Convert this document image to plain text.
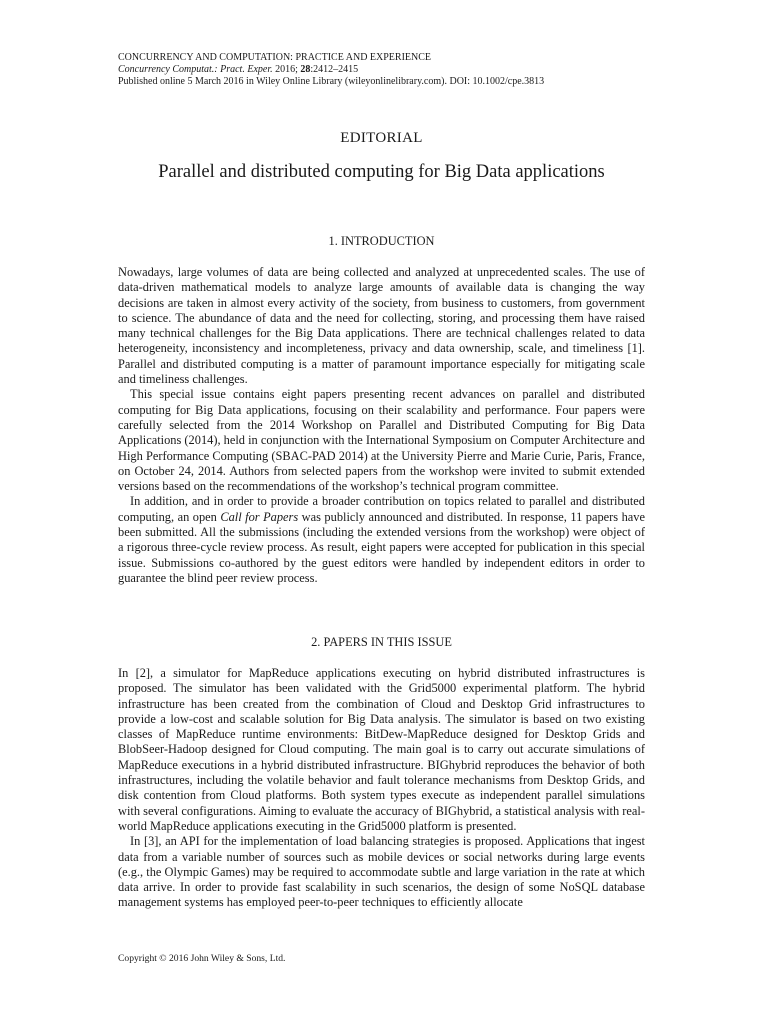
CONCURRENCY AND COMPUTATION: PRACTICE AND EXPERIENCE
Concurrency Computat.: Pract. Exper. 2016; 28:2412–2415
Published online 5 March 2016 in Wiley Online Library (wileyonlinelibrary.com). DOI: 10.1002/cpe.3813
EDITORIAL
Parallel and distributed computing for Big Data applications
1. INTRODUCTION

Nowadays, large volumes of data are being collected and analyzed at unprecedented scales. The use of data-driven mathematical models to analyze large amounts of available data is changing the way decisions are taken in almost every activity of the society, from business to customers, from government to science. The abundance of data and the need for collecting, storing, and processing them have raised many technical challenges for the Big Data applications. There are technical challenges related to data heterogeneity, inconsistency and incompleteness, privacy and data ownership, scale, and timeliness [1]. Parallel and distributed computing is a matter of paramount importance especially for mitigating scale and timeliness challenges.

This special issue contains eight papers presenting recent advances on parallel and distributed computing for Big Data applications, focusing on their scalability and performance. Four papers were carefully selected from the 2014 Workshop on Parallel and Distributed Computing for Big Data Applications (2014), held in conjunction with the International Symposium on Computer Architecture and High Performance Computing (SBAC-PAD 2014) at the University Pierre and Marie Curie, Paris, France, on October 24, 2014. Authors from selected papers from the workshop were invited to submit extended versions based on the recommendations of the workshop’s technical program committee.

In addition, and in order to provide a broader contribution on topics related to parallel and distributed computing, an open Call for Papers was publicly announced and distributed. In response, 11 papers have been submitted. All the submissions (including the extended versions from the workshop) were object of a rigorous three-cycle review process. As result, eight papers were accepted for publication in this special issue. Submissions co-authored by the guest editors were handled by independent editors in order to guarantee the blind peer review process.

2. PAPERS IN THIS ISSUE

In [2], a simulator for MapReduce applications executing on hybrid distributed infrastructures is proposed. The simulator has been validated with the Grid5000 experimental platform. The hybrid infrastructure has been created from the combination of Cloud and Desktop Grid infrastructures to provide a low-cost and scalable solution for Big Data analysis. The simulator is based on two existing classes of MapReduce runtime environments: BitDew-MapReduce designed for Desktop Grids and BlobSeer-Hadoop designed for Cloud computing. The main goal is to carry out accurate simulations of MapReduce executions in a hybrid distributed infrastructure. BIGhybrid reproduces the behavior of both infrastructures, including the volatile behavior and fault tolerance mechanisms from Desktop Grids, and disk contention from Cloud platforms. Both system types execute as independent parallel simulations with several configurations. Aiming to evaluate the accuracy of BIGhybrid, a statistical analysis with real-world MapReduce applications executing in the Grid5000 platform is presented.

In [3], an API for the implementation of load balancing strategies is proposed. Applications that ingest data from a variable number of sources such as mobile devices or social networks during large events (e.g., the Olympic Games) may be required to accommodate subtle and large variation in the rate at which data arrive. In order to provide fast scalability in such scenarios, the design of some NoSQL database management systems has employed peer-to-peer techniques to efficiently allocate

Copyright © 2016 John Wiley & Sons, Ltd.
